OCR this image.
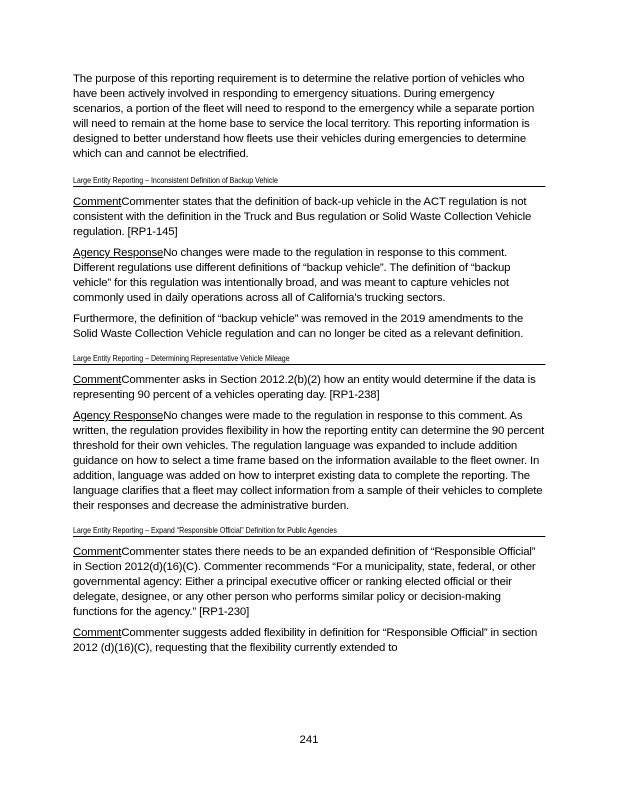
The purpose of this reporting requirement is to determine the relative portion of vehicles who have been actively involved in responding to emergency situations. During emergency scenarios, a portion of the fleet will need to respond to the emergency while a separate portion will need to remain at the home base to service the local territory. This reporting information is designed to better understand how fleets use their vehicles during emergencies to determine which can and cannot be electrified.

Large Entity Reporting – Inconsistent Definition of Backup Vehicle

CommentCommenter states that the definition of back-up vehicle in the ACT regulation is not consistent with the definition in the Truck and Bus regulation or Solid Waste Collection Vehicle regulation. [RP1-145]

Agency ResponseNo changes were made to the regulation in response to this comment. Different regulations use different definitions of “backup vehicle”. The definition of “backup vehicle” for this regulation was intentionally broad, and was meant to capture vehicles not commonly used in daily operations across all of California’s trucking sectors.

Furthermore, the definition of “backup vehicle” was removed in the 2019 amendments to the Solid Waste Collection Vehicle regulation and can no longer be cited as a relevant definition.

Large Entity Reporting – Determining Representative Vehicle Mileage

CommentCommenter asks in Section 2012.2(b)(2) how an entity would determine if the data is representing 90 percent of a vehicles operating day. [RP1-238]

Agency ResponseNo changes were made to the regulation in response to this comment. As written, the regulation provides flexibility in how the reporting entity can determine the 90 percent threshold for their own vehicles. The regulation language was expanded to include addition guidance on how to select a time frame based on the information available to the fleet owner. In addition, language was added on how to interpret existing data to complete the reporting. The language clarifies that a fleet may collect information from a sample of their vehicles to complete their responses and decrease the administrative burden.

Large Entity Reporting – Expand “Responsible Official” Definition for Public Agencies

CommentCommenter states there needs to be an expanded definition of “Responsible Official” in Section 2012(d)(16)(C). Commenter recommends “For a municipality, state, federal, or other governmental agency: Either a principal executive officer or ranking elected official or their delegate, designee, or any other person who performs similar policy or decision-making functions for the agency.” [RP1-230]

CommentCommenter suggests added flexibility in definition for “Responsible Official” in section 2012 (d)(16)(C), requesting that the flexibility currently extended to

241
